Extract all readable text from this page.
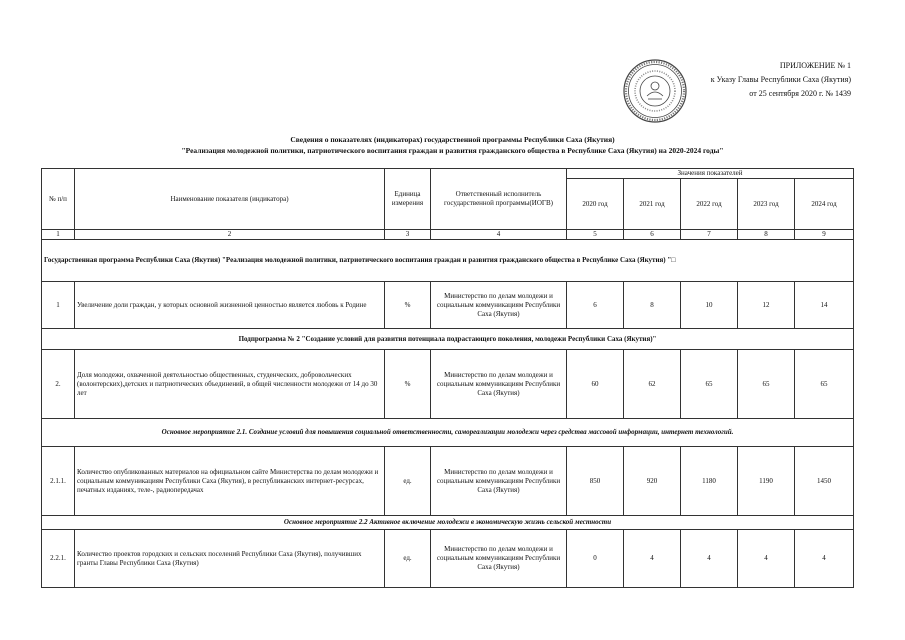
ПРИЛОЖЕНИЕ № 1
к Указу Главы Республики Саха (Якутия)
от 25 сентября 2020 г. № 1439
Сведения о показателях (индикаторах) государственной программы Республики Саха (Якутия)
"Реализация молодежной политики, патриотического воспитания граждан и развития гражданского общества в Республике Саха (Якутия) на 2020-2024 годы"
№ п/п	Наименование показателя (индикатора)	Единица измерения	Ответственный исполнитель государственной программы(ИОГВ)	Значения показателей				
				2020 год	2021 год	2022 год	2023 год	2024 год
1	2	3	4	5	6	7	8	9
Государственная программа Республики Саха (Якутия) "Реализация молодежной политики, патриотического воспитания граждан и развития гражданского общества в Республике Саха (Якутия) "□								
1	Увеличение доли граждан, у которых основной жизненной ценностью является любовь к Родине	%	Министерство по делам молодежи и социальным коммуникациям Республики Саха (Якутия)	6	8	10	12	14
Подпрограмма № 2 "Создание условий для развития потенциала подрастающего поколения, молодежи Республики Саха (Якутия)"								
2.	Доля молодежи, охваченной деятельностью общественных, студенческих, добровольческих (волонтерских),детских и патриотических объединений, в общей численности молодежи от 14 до 30 лет	%	Министерство по делам молодежи и социальным коммуникациям Республики Саха (Якутия)	60	62	65	65	65
Основное мероприятие 2.1. Создание условий для повышения социальной ответственности, самореализации молодежи через средства массовой информации, интернет технологий.								
2.1.1.	Количество опубликованных материалов на официальном сайте Министерства по делам молодежи и социальным коммуникациям Республики Саха (Якутия), в республиканских интернет-ресурсах, печатных изданиях, теле-, радиопередачах	ед.	Министерство по делам молодежи и социальным коммуникациям Республики Саха (Якутия)	850	920	1180	1190	1450
Основное мероприятие 2.2 Активное включение молодежи в экономическую жизнь сельской местности								
2.2.1.	Количество проектов городских и сельских поселений Республики Саха (Якутия), получивших гранты Главы Республики Саха (Якутия)	ед.	Министерство по делам молодежи и социальным коммуникациям Республики Саха (Якутия)	0	4	4	4	4
